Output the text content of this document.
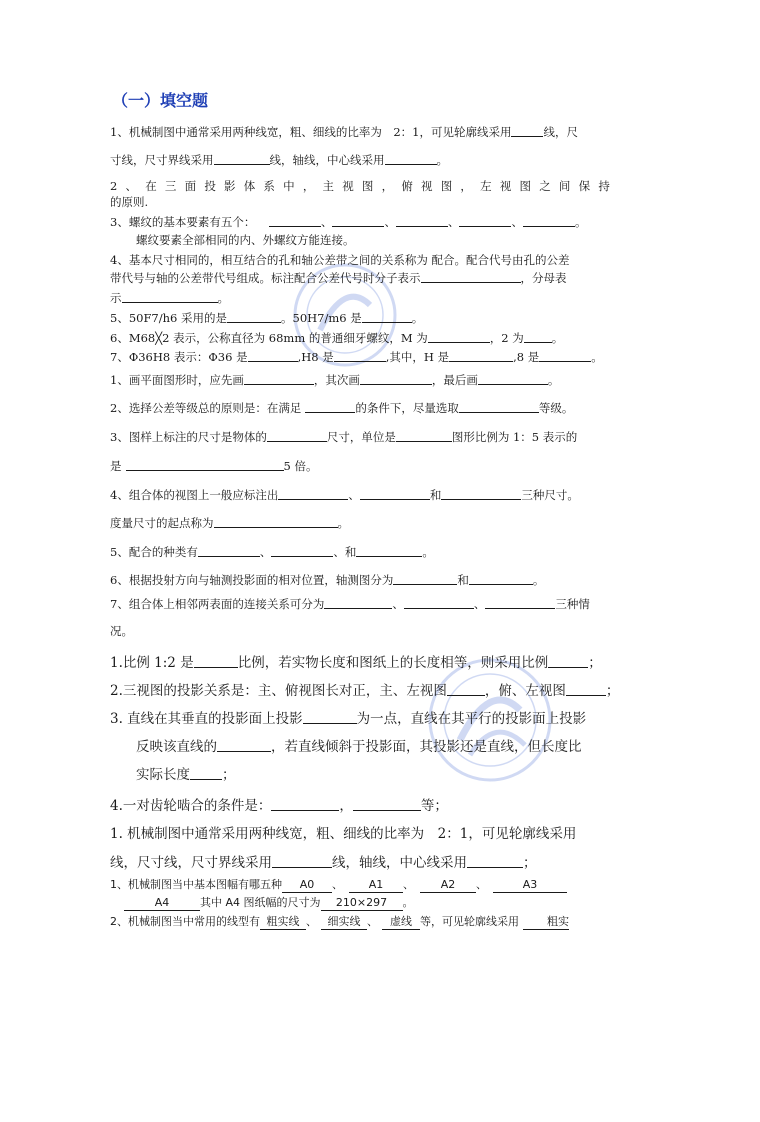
（一）填空题
1、机械制图中通常采用两种线宽，粗、细线的比率为　2：1，可见轮廓线采用	线，尺
寸线，尺寸界线采用	线，轴线，中心线采用	。
2、在三面投影体系中，主视图，俯视图，左视图之间保持
的原则.
3、螺纹的基本要素有五个：	、	、	、	、	。
螺纹要素全部相同的内、外螺纹方能连接。
4、基本尺寸相同的，相互结合的孔和轴公差带之间的关系称为 配合。配合代号由孔的公差
带代号与轴的公差带代号组成。标注配合公差代号时分子表示	，分母表
示	。
5、50F7/h6 采用的是	。50H7/m6 是	。
6、M68╳2 表示，公称直径为 68mm 的普通细牙螺纹，M 为	，2 为 。
7、Φ36H8 表示：Φ36 是	,H8 是	,其中，H 是	,8 是	。
1、画平面图形时，应先画	，其次画	，最后画	。
2、选择公差等级总的原则是：在满足	的条件下，尽量选取	等级。
3、图样上标注的尺寸是物体的	尺寸，单位是	图形比例为 1：5 表示的
是	5 倍。
4、组合体的视图上一般应标注出	、	和	三种尺寸。
度量尺寸的起点称为	。
5、配合的种类有	、	、和	。
6、根据投射方向与轴测投影面的相对位置，轴测图分为	和	。
7、组合体上相邻两表面的连接关系可分为	、	、	三种情
况。
1.比例 1:2 是	比例，若实物长度和图纸上的长度相等，则采用比例	；
2.三视图的投影关系是：主、俯视图长对正，主、左视图	，俯、左视图	；
3. 直线在其垂直的投影面上投影	为一点，直线在其平行的投影面上投影
反映该直线的	，若直线倾斜于投影面，其投影还是直线，但长度比
实际长度 ；
4.一对齿轮啮合的条件是：	，	等；
1. 机械制图中通常采用两种线宽，粗、细线的比率为　2：1，可见轮廓线采用
线，尺寸线，尺寸界线采用	线，轴线，中心线采用	；
1、机械制图当中基本图幅有哪五种 A0 、 A1 、 A2 、	A3
A4	其中 A4 图纸幅的尺寸为 210×297 。
2、机械制图当中常用的线型有 粗实线 、 细实线 、 虚线 等，可见轮廓线采用	粗实
